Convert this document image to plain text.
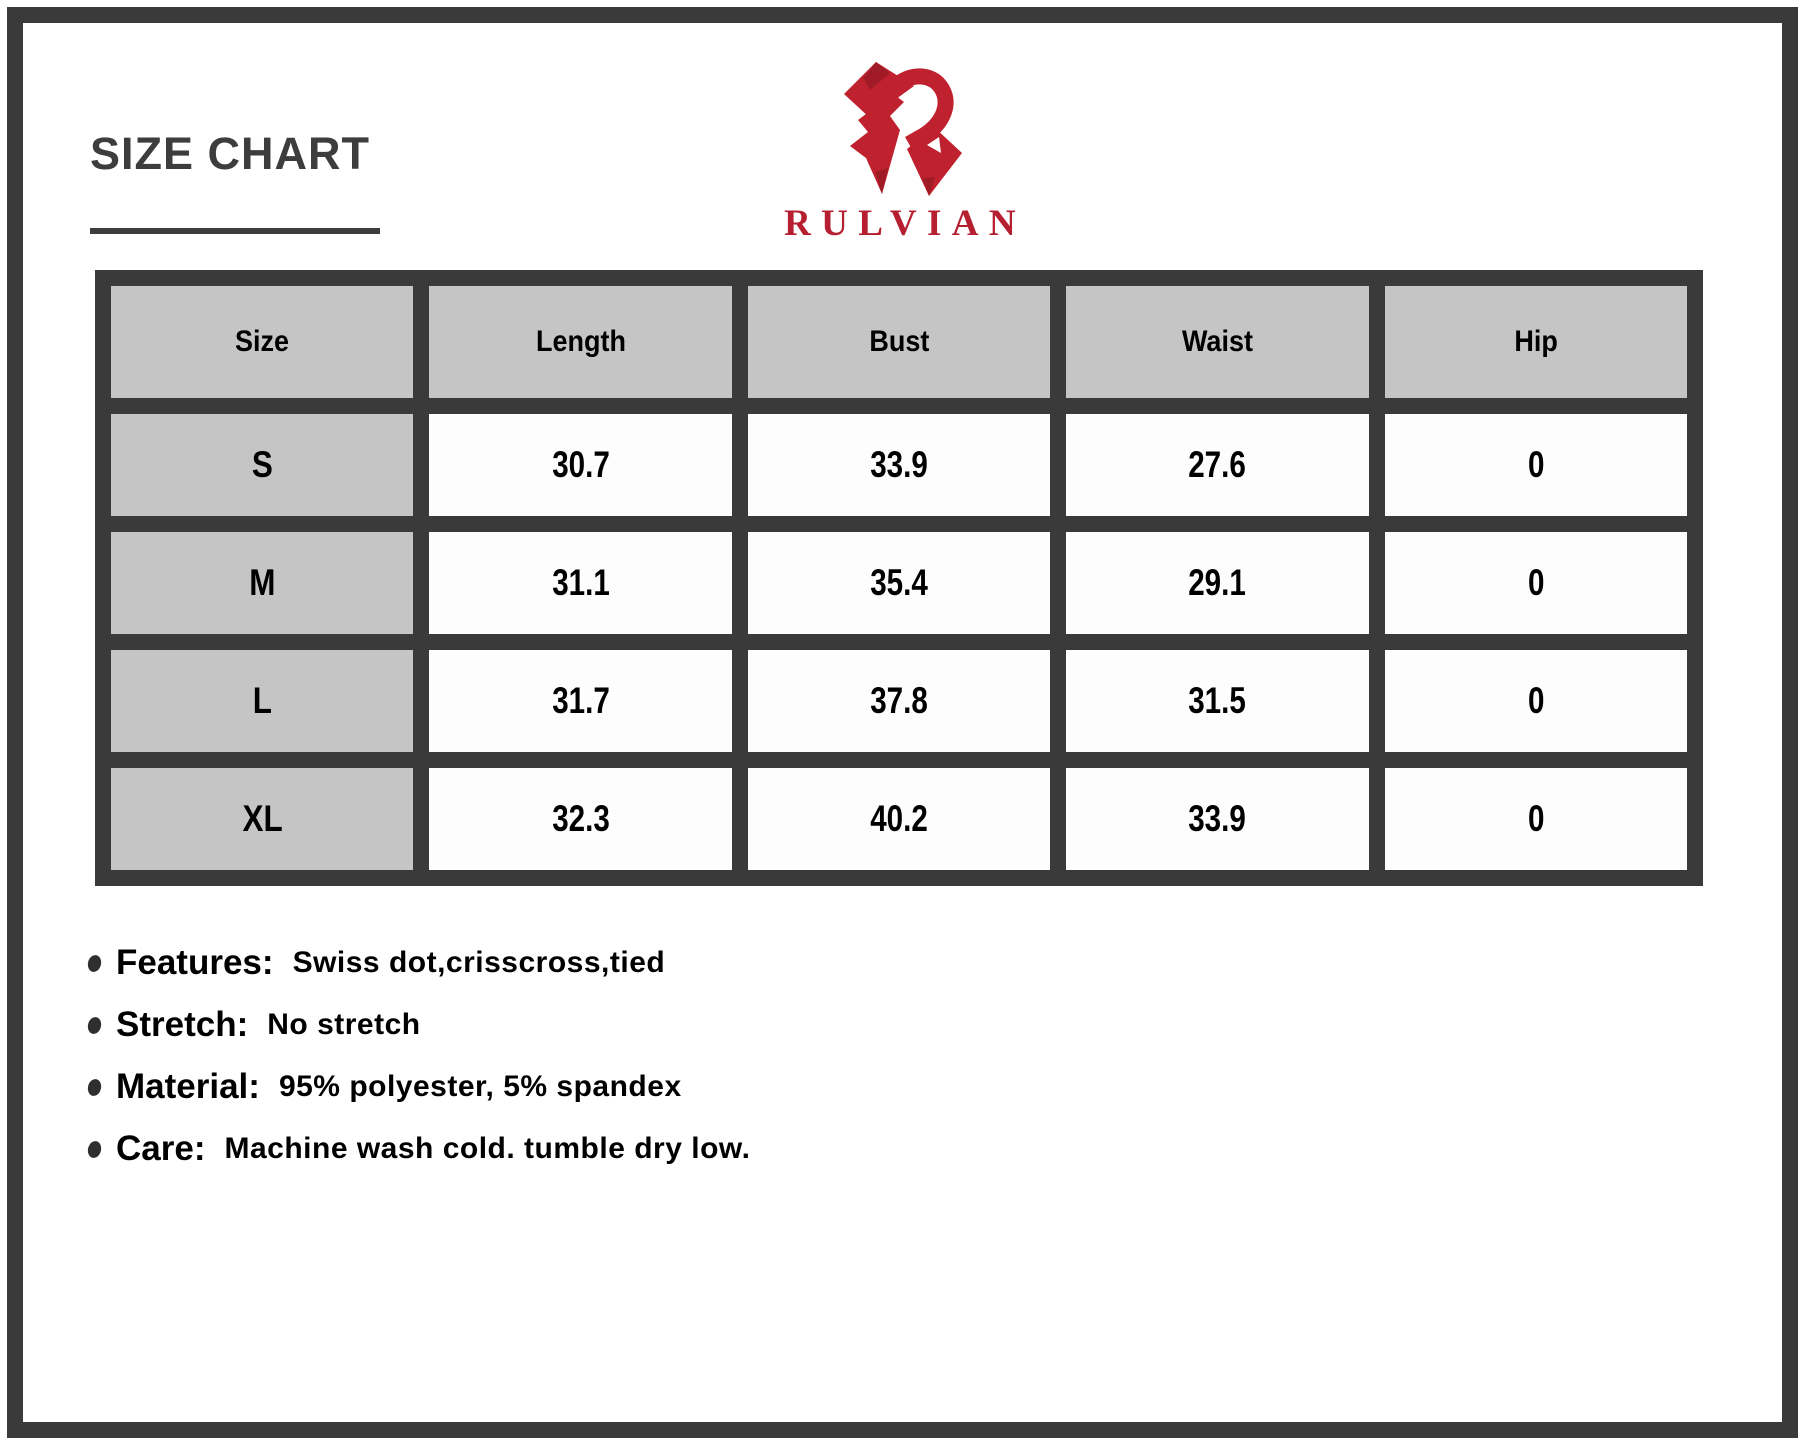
SIZE CHART
RULVIAN
Size	Length	Bust	Waist	Hip
S	30.7	33.9	27.6	0
M	31.1	35.4	29.1	0
L	31.7	37.8	31.5	0
XL	32.3	40.2	33.9	0
Features: Swiss dot,crisscross,tied
Stretch: No stretch
Material: 95% polyester, 5% spandex
Care: Machine wash cold. tumble dry low.
